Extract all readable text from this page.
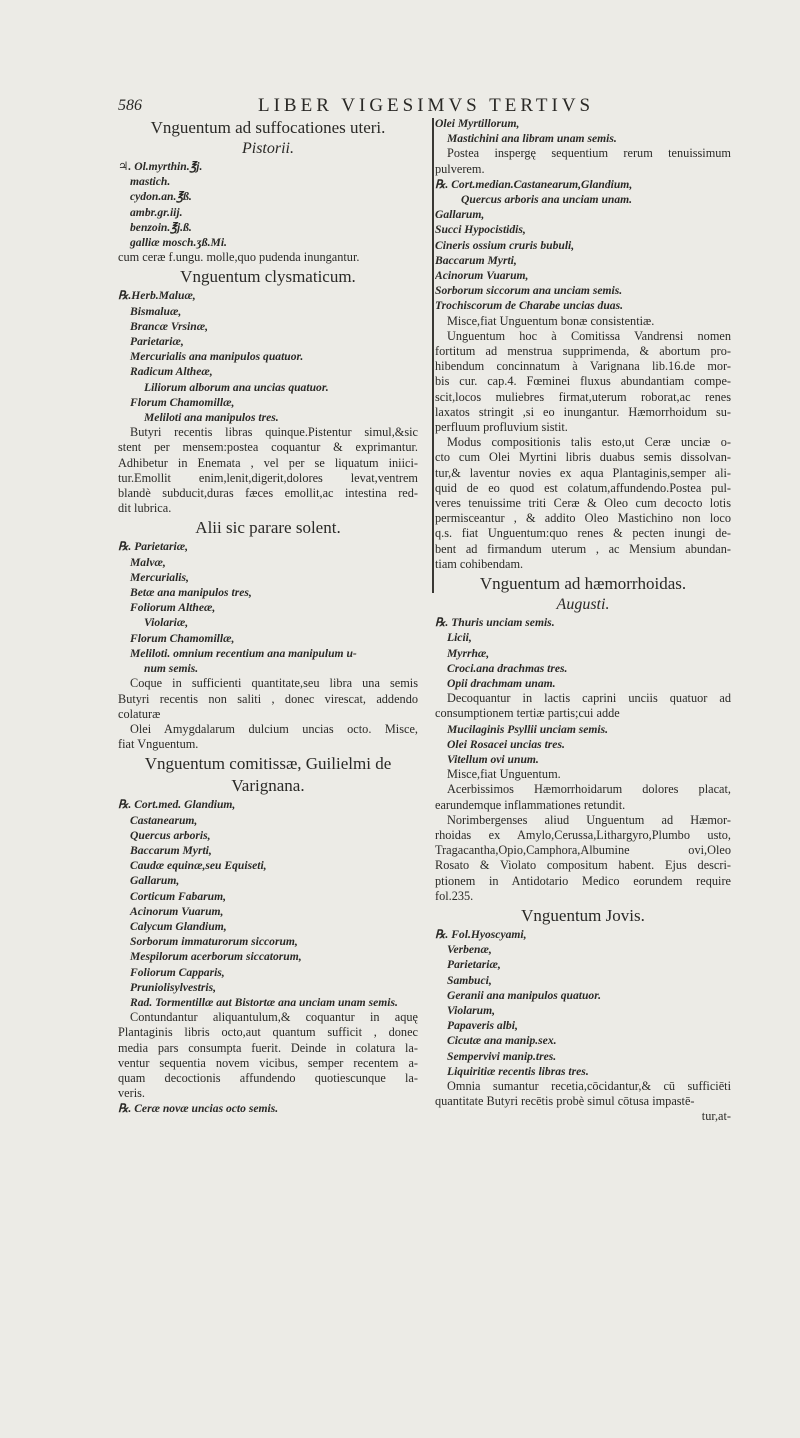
586	LIBER VIGESIMVS TERTIVS
Vnguentum ad suffocationes uteri.
Pistorii.
♃. Ol.myrthin.℥j.
mastich.
cydon.an.℥ß.
ambr.gr.iij.
benzoin.℥j.ß.
galliæ mosch.ʒß.Mi.
cum ceræ f.ungu. molle,quo pudenda inungantur.
Vnguentum clysmaticum.
℞.Herb.Maluæ,
Bismaluæ,
Brancæ Vrsinæ,
Parietariæ,
Mercurialis ana manipulos quatuor.
Radicum Altheæ,
Liliorum alborum ana uncias quatuor.
Florum Chamomillæ,
Meliloti ana manipulos tres.
Butyri recentis libras quinque.Pistentur simul,&sic
stent per mensem:postea coquantur & exprimantur.
Adhibetur in Enemata , vel per se liquatum iniici-
tur.Emollit enim,lenit,digerit,dolores levat,ventrem
blandè subducit,duras fæces emollit,ac intestina red-
dit lubrica.
Alii sic parare solent.
℞. Parietariæ,
Malvæ,
Mercurialis,
Betæ ana manipulos tres,
Foliorum Altheæ,
Violariæ,
Florum Chamomillæ,
Meliloti. omnium recentium ana manipulum u-
num semis.
Coque in sufficienti quantitate,seu libra una semis
Butyri recentis non saliti , donec virescat, addendo
colaturæ
Olei Amygdalarum dulcium uncias octo. Misce,
fiat Vnguentum.
Vnguentum comitissæ, Guilielmi de
Varignana.
℞. Cort.med. Glandium,
Castanearum,
Quercus arboris,
Baccarum Myrti,
Caudæ equinæ,seu Equiseti,
Gallarum,
Corticum Fabarum,
Acinorum Vuarum,
Calycum Glandium,
Sorborum immaturorum siccorum,
Mespilorum acerborum siccatorum,
Foliorum Capparis,
Pruniolisylvestris,
Rad. Tormentillæ aut Bistortæ ana unciam unam semis.
Contundantur aliquantulum,& coquantur in aquę
Plantaginis libris octo,aut quantum sufficit , donec
media pars consumpta fuerit. Deinde in colatura la-
ventur sequentia novem vicibus, semper recentem a-
quam decoctionis affundendo quotiescunque la-
veris.
℞. Ceræ novæ uncias octo semis.
Olei Myrtillorum,
Mastichini ana libram unam semis.
Postea inspergę sequentium rerum tenuissimum
pulverem.
℞. Cort.median.Castanearum,Glandium,
Quercus arboris ana unciam unam.
Gallarum,
Succi Hypocistidis,
Cineris ossium cruris bubuli,
Baccarum Myrti,
Acinorum Vuarum,
Sorborum siccorum ana unciam semis.
Trochiscorum de Charabe uncias duas.
Misce,fiat Unguentum bonæ consistentiæ.
Unguentum hoc à Comitissa Vandrensi nomen
fortitum ad menstrua supprimenda, & abortum pro-
hibendum concinnatum à Varignana lib.16.de mor-
bis cur. cap.4. Fœminei fluxus abundantiam compe-
scit,locos muliebres firmat,uterum roborat,ac renes
laxatos stringit ,si eo inungantur. Hæmorrhoidum su-
perfluum profluvium sistit.
Modus compositionis talis esto,ut Ceræ unciæ o-
cto cum Olei Myrtini libris duabus semis dissolvan-
tur,& laventur novies ex aqua Plantaginis,semper ali-
quid de eo quod est colatum,affundendo.Postea pul-
veres tenuissime triti Ceræ & Oleo cum decocto lotis
permisceantur , & addito Oleo Mastichino non loco
q.s. fiat Unguentum:quo renes & pecten inungi de-
bent ad firmandum uterum , ac Mensium abundan-
tiam cohibendam.
Vnguentum ad hæmorrhoidas.
Augusti.
℞. Thuris unciam semis.
Licii,
Myrrhæ,
Croci.ana drachmas tres.
Opii drachmam unam.
Decoquantur in lactis caprini unciis quatuor ad
consumptionem tertiæ partis;cui adde
Mucilaginis Psyllii unciam semis.
Olei Rosacei uncias tres.
Vitellum ovi unum.
Misce,fiat Unguentum.
Acerbissimos Hæmorrhoidarum dolores placat,
earundemque inflammationes retundit.
Norimbergenses aliud Unguentum ad Hæmor-
rhoidas ex Amylo,Cerussa,Lithargyro,Plumbo usto,
Tragacantha,Opio,Camphora,Albumine ovi,Oleo
Rosato & Violato compositum habent. Ejus descri-
ptionem in Antidotario Medico eorundem require
fol.235.
Vnguentum Jovis.
℞. Fol.Hyoscyami,
Verbenæ,
Parietariæ,
Sambuci,
Geranii ana manipulos quatuor.
Violarum,
Papaveris albi,
Cicutæ ana manip.sex.
Sempervivi manip.tres.
Liquiritiæ recentis libras tres.
Omnia sumantur recetia,cōcidantur,& cū sufficiēti
quantitate Butyri recētis probè simul cōtusa impastē-
tur,at-
